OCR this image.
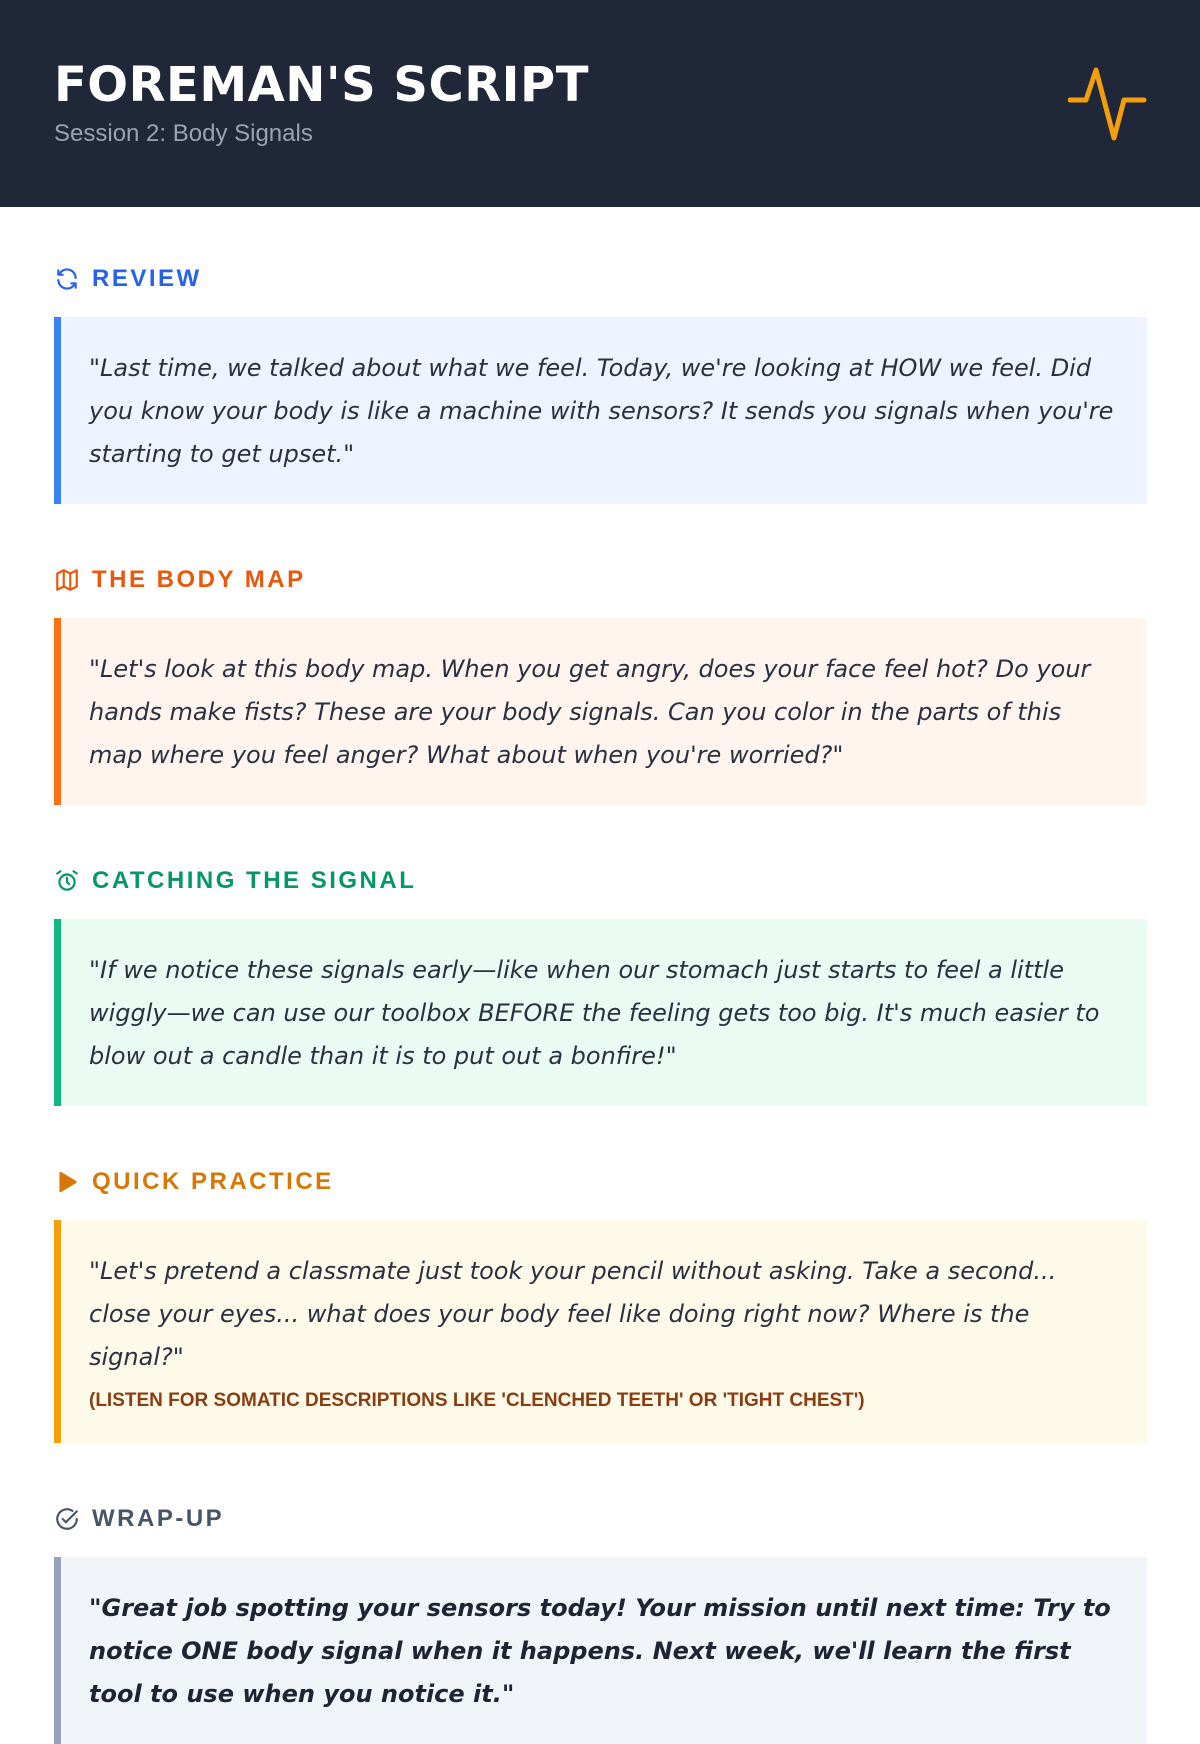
FOREMAN'S SCRIPT
Session 2: Body Signals
REVIEW
"Last time, we talked about what we feel. Today, we're looking at HOW we feel. Did you know your body is like a machine with sensors? It sends you signals when you're starting to get upset."
THE BODY MAP
"Let's look at this body map. When you get angry, does your face feel hot? Do your hands make fists? These are your body signals. Can you color in the parts of this map where you feel anger? What about when you're worried?"
CATCHING THE SIGNAL
"If we notice these signals early—like when our stomach just starts to feel a little wiggly—we can use our toolbox BEFORE the feeling gets too big. It's much easier to blow out a candle than it is to put out a bonfire!"
QUICK PRACTICE
"Let's pretend a classmate just took your pencil without asking. Take a second... close your eyes... what does your body feel like doing right now? Where is the signal?"
(LISTEN FOR SOMATIC DESCRIPTIONS LIKE 'CLENCHED TEETH' OR 'TIGHT CHEST')
WRAP-UP
"Great job spotting your sensors today! Your mission until next time: Try to notice ONE body signal when it happens. Next week, we'll learn the first tool to use when you notice it."
